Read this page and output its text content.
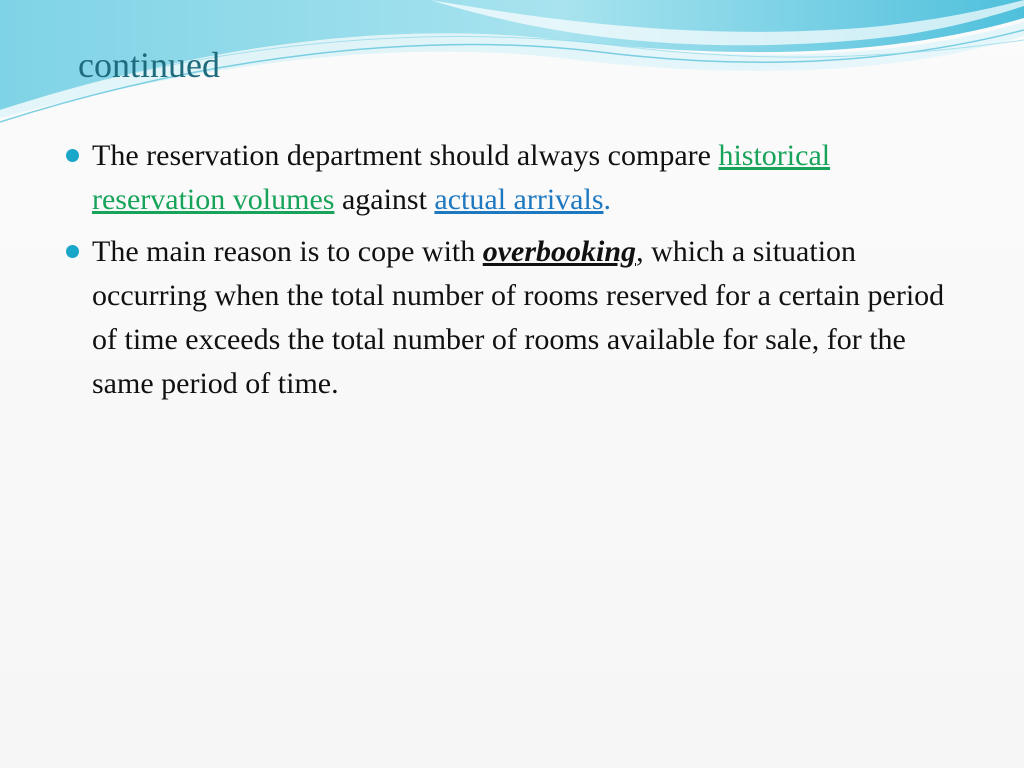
continued
The reservation department should always compare historical reservation volumes against actual arrivals.
The main reason is to cope with overbooking, which a situation occurring when the total number of rooms reserved for a certain period of time exceeds the total number of rooms available for sale, for the same period of time.
